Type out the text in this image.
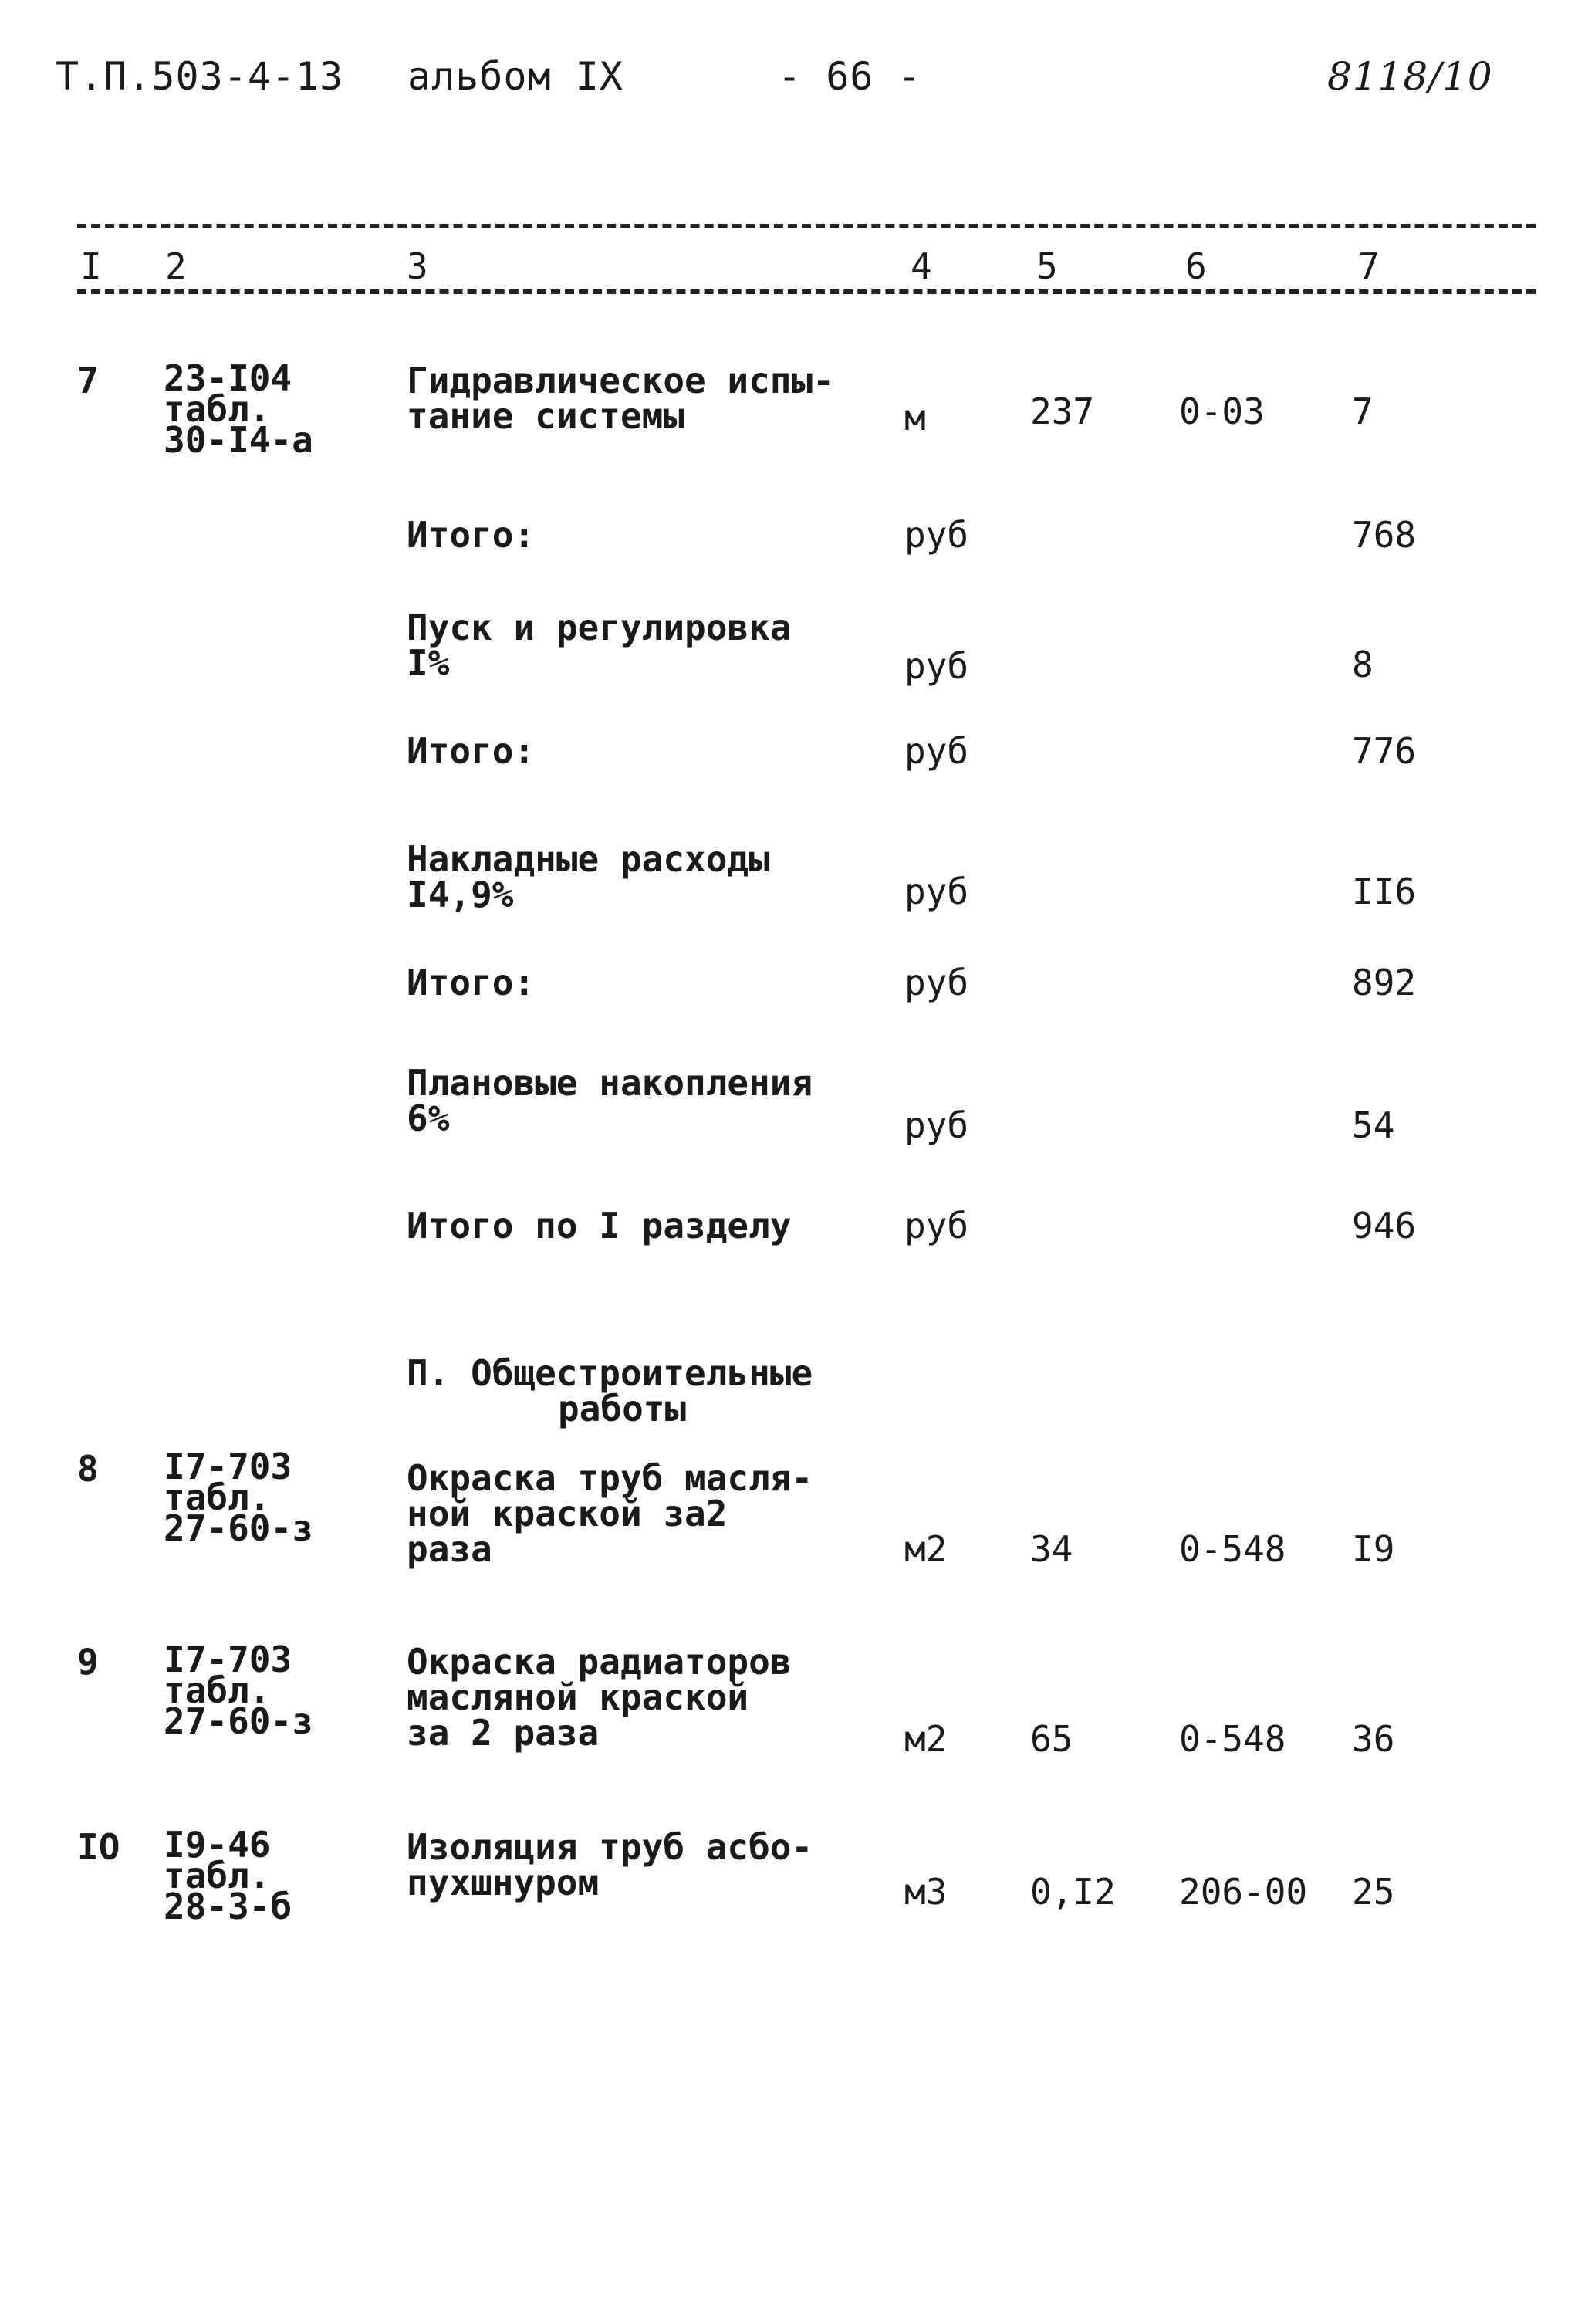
Т.П.503-4-13 альбом IX	- 66 -	8118/10
I 2	3	4	5	6	7
7 23-I04
табл.
30-I4-а
Гидравлическое испы-
тание системы	м	237 0-03 7
Итого:	руб	768
Пуск и регулировка
I%	руб	8
Итого:	руб	776
Накладные расходы
I4,9%	руб	II6
Итого:	руб	892
Плановые накопления
6%	руб	54
Итого по I разделу	руб	946

П. Общестроительные

работы

8 I7-703
табл.
27-60-з
Окраска труб масля-
ной краской за2
раза	м2 34	0-548 I9
9 I7-703
табл.
27-60-з
Окраска радиаторов
масляной краской
за 2 раза	м2 65	0-548 36
IO I9-46
табл.
28-3-б
Изоляция труб асбо-
пухшнуром	м3 0,I2 206-00 25
